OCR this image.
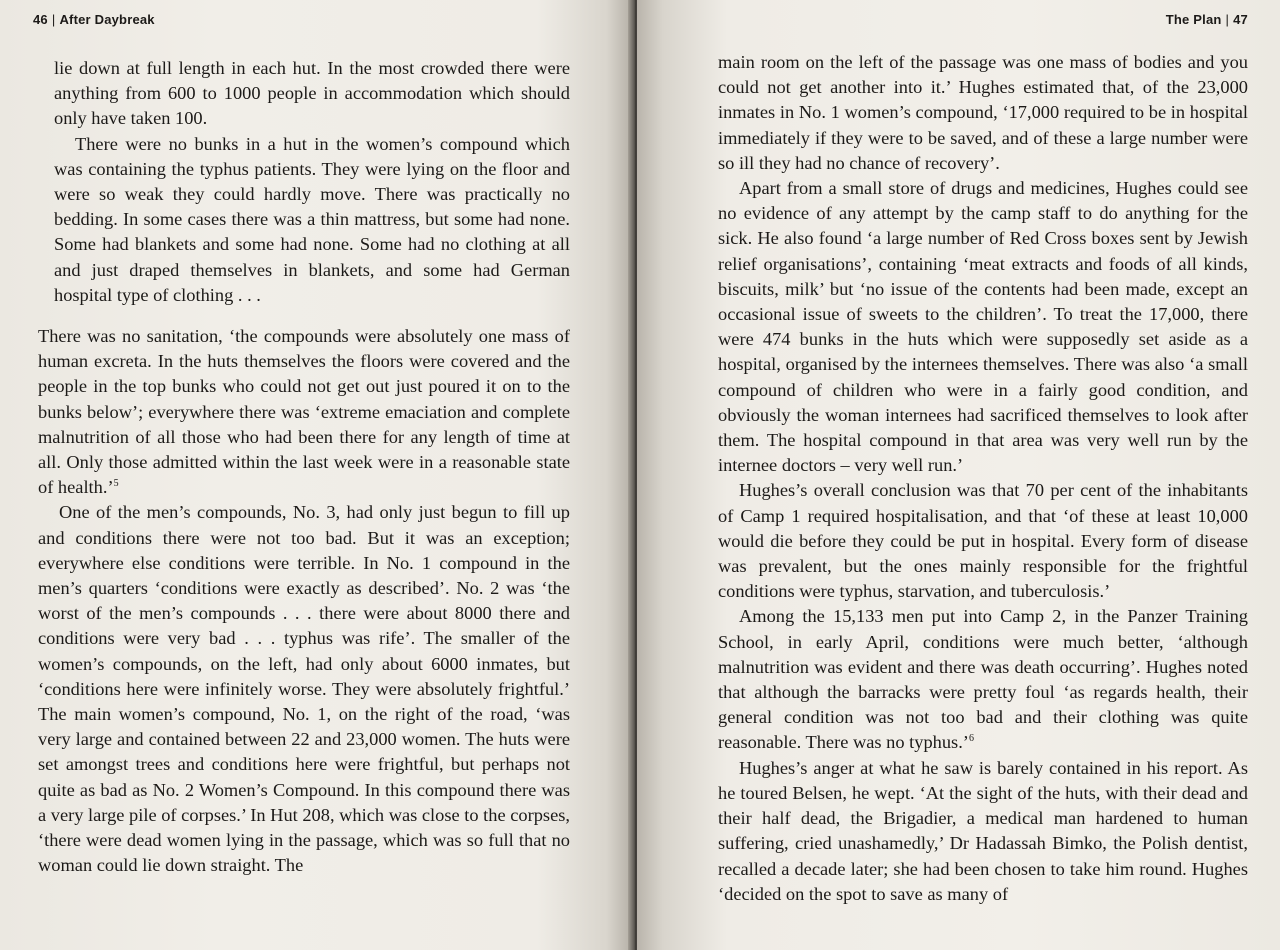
46 | After Daybreak

lie down at full length in each hut. In the most crowded there were anything from 600 to 1000 people in accommodation which should only have taken 100.

There were no bunks in a hut in the women’s compound which was containing the typhus patients. They were lying on the floor and were so weak they could hardly move. There was practically no bedding. In some cases there was a thin mattress, but some had none. Some had blankets and some had none. Some had no clothing at all and just draped themselves in blankets, and some had German hospital type of clothing . . .

There was no sanitation, ‘the compounds were absolutely one mass of human excreta. In the huts themselves the floors were covered and the people in the top bunks who could not get out just poured it on to the bunks below’; everywhere there was ‘extreme emaciation and complete malnutrition of all those who had been there for any length of time at all. Only those admitted within the last week were in a reasonable state of health.’$^5$

One of the men’s compounds, No. 3, had only just begun to fill up and conditions there were not too bad. But it was an exception; everywhere else conditions were terrible. In No. 1 compound in the men’s quarters ‘conditions were exactly as described’. No. 2 was ‘the worst of the men’s compounds . . . there were about 8000 there and conditions were very bad . . . typhus was rife’. The smaller of the women’s compounds, on the left, had only about 6000 inmates, but ‘conditions here were infinitely worse. They were absolutely frightful.’ The main women’s compound, No. 1, on the right of the road, ‘was very large and contained between 22 and 23,000 women. The huts were set amongst trees and conditions here were frightful, but perhaps not quite as bad as No. 2 Women’s Compound. In this compound there was a very large pile of corpses.’ In Hut 208, which was close to the corpses, ‘there were dead women lying in the passage, which was so full that no woman could lie down straight. The

The Plan | 47

main room on the left of the passage was one mass of bodies and you could not get another into it.’ Hughes estimated that, of the 23,000 inmates in No. 1 women’s compound, ‘17,000 required to be in hospital immediately if they were to be saved, and of these a large number were so ill they had no chance of recovery’.

Apart from a small store of drugs and medicines, Hughes could see no evidence of any attempt by the camp staff to do anything for the sick. He also found ‘a large number of Red Cross boxes sent by Jewish relief organisations’, containing ‘meat extracts and foods of all kinds, biscuits, milk’ but ‘no issue of the contents had been made, except an occasional issue of sweets to the children’. To treat the 17,000, there were 474 bunks in the huts which were supposedly set aside as a hospital, organised by the internees themselves. There was also ‘a small compound of children who were in a fairly good condition, and obviously the woman internees had sacrificed themselves to look after them. The hospital compound in that area was very well run by the internee doctors – very well run.’

Hughes’s overall conclusion was that 70 per cent of the inhabitants of Camp 1 required hospitalisation, and that ‘of these at least 10,000 would die before they could be put in hospital. Every form of disease was prevalent, but the ones mainly responsible for the frightful conditions were typhus, starvation, and tuberculosis.’

Among the 15,133 men put into Camp 2, in the Panzer Training School, in early April, conditions were much better, ‘although malnutrition was evident and there was death occurring’. Hughes noted that although the barracks were pretty foul ‘as regards health, their general condition was not too bad and their clothing was quite reasonable. There was no typhus.’$^6$

Hughes’s anger at what he saw is barely contained in his report. As he toured Belsen, he wept. ‘At the sight of the huts, with their dead and their half dead, the Brigadier, a medical man hardened to human suffering, cried unashamedly,’ Dr Hadassah Bimko, the Polish dentist, recalled a decade later; she had been chosen to take him round. Hughes ‘decided on the spot to save as many of
